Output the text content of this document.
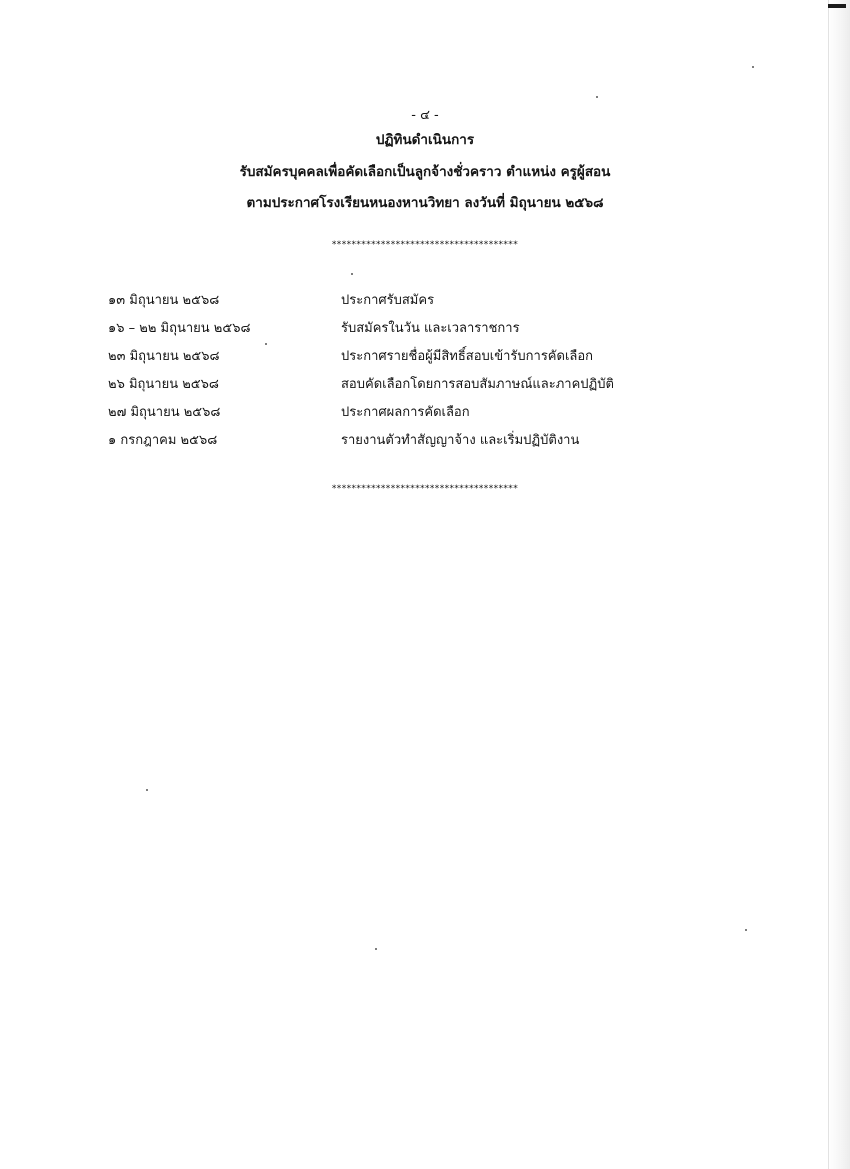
- ๔ -
ปฏิทินดำเนินการ
รับสมัครบุคคลเพื่อคัดเลือกเป็นลูกจ้างชั่วคราว ตำแหน่ง ครูผู้สอน
ตามประกาศโรงเรียนหนองหานวิทยา ลงวันที่ มิถุนายน ๒๕๖๘
**************************************
๑๓ มิถุนายน ๒๕๖๘	ประกาศรับสมัคร
๑๖ – ๒๒ มิถุนายน ๒๕๖๘	รับสมัครในวัน และเวลาราชการ
๒๓ มิถุนายน ๒๕๖๘	ประกาศรายชื่อผู้มีสิทธิ์สอบเข้ารับการคัดเลือก
๒๖ มิถุนายน ๒๕๖๘	สอบคัดเลือกโดยการสอบสัมภาษณ์และภาคปฏิบัติ
๒๗ มิถุนายน ๒๕๖๘	ประกาศผลการคัดเลือก
๑ กรกฎาคม ๒๕๖๘	รายงานตัวทำสัญญาจ้าง และเริ่มปฏิบัติงาน
**************************************
